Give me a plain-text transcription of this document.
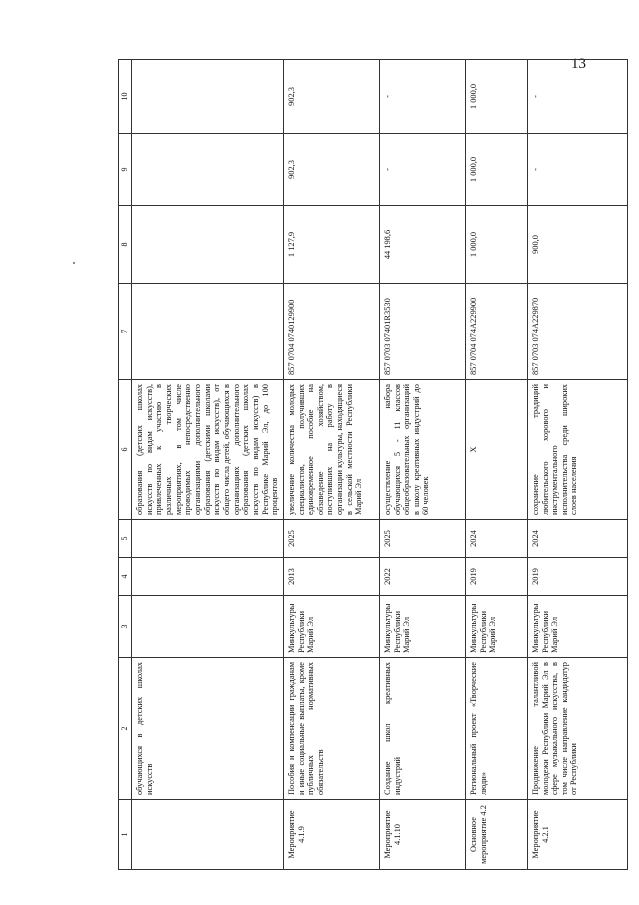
13
1	2	3	4	5	6	7	8	9	10
	обучающихся в детских школах искусств				образования (детских школах искусств по видам искусств), привлеченных к участию в различных творческих мероприятиях, в том числе проводимых непосредственно организациями дополнительного образования (детскими школами искусств по видам искусств), от общего числа детей, обучающихся в организациях дополнительного образования (детских школах искусств по видам искусств) в Республике Марий Эл, до 100 процентов				
Мероприятие 4.1.9	Пособия и компенсации гражданам и иные социальные выплаты, кроме публичных нормативных обязательств	Минкультуры Республики Марий Эл	2013	2025	увеличение количества молодых специалистов, получивших единовременное пособие на обзаведение хозяйством, поступивших на работу в организации культуры, находящиеся в сельской местности Республики Марий Эл	857 0704 0740129900	1 127,9	902,3	902,3
Мероприятие 4.1.10	Создание школ креативных индустрий	Минкультуры Республики Марий Эл	2022	2025	осуществление набора обучающихся 5 - 11 классов общеобразовательных организаций в школу креативных индустрий до 60 человек	857 0703 07401R3530	44 198,6	-	-
Основное мероприятие 4.2	Региональный проект «Творческие люди»	Минкультуры Республики Марий Эл	2019	2024	Х	857 0704 074A229900	1 000,0	1 000,0	1 000,0
Мероприятие 4.2.1	Продвижение талантливой молодежи Республики Марий Эл в сфере музыкального искусства, в том числе направление кандидатур от Республики	Минкультуры Республики Марий Эл	2019	2024	сохранение традиций любительского хорового и инструментального исполнительства среди широких слоев населения	857 0703 074A229870	900,0	-	-
